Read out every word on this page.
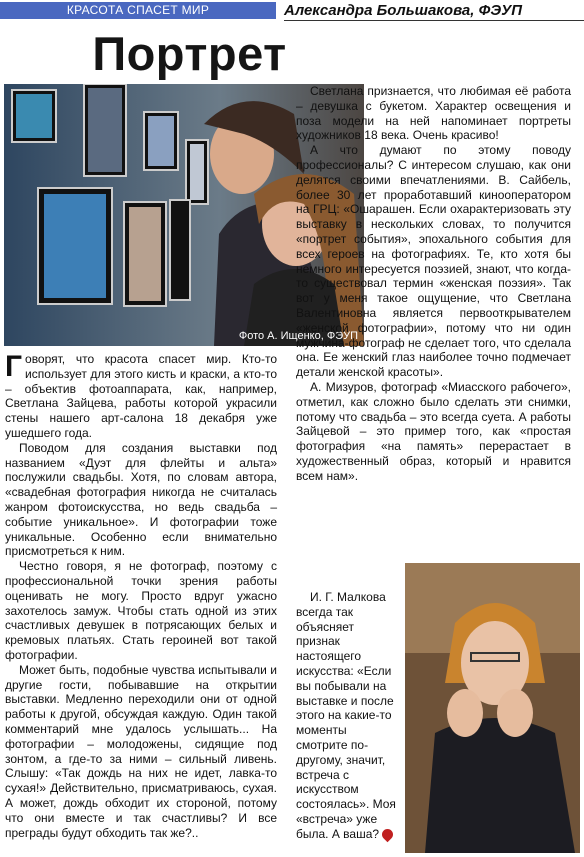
КРАСОТА СПАСЕТ МИР	Александра Большакова, ФЭУП
Портрет
Фото А. Ищенко, ФЭУП

Говорят, что красота спасет мир. Кто-то использует для этого кисть и краски, а кто-то – объектив фотоаппарата, как, например, Светлана Зайцева, работы которой украсили стены нашего арт-салона 18 декабря уже ушедшего года.

Поводом для создания выставки под названием «Дуэт для флейты и альта» послужили свадьбы. Хотя, по словам автора, «свадебная фотография никогда не считалась жанром фотоискусства, но ведь свадьба – событие уникальное». И фотографии тоже уникальные. Особенно если внимательно присмотреться к ним.

Честно говоря, я не фотограф, поэтому с профессиональной точки зрения работы оценивать не могу. Просто вдруг ужасно захотелось замуж. Чтобы стать одной из этих счастливых девушек в потрясающих белых и кремовых платьях. Стать героиней вот такой фотографии.

Может быть, подобные чувства испытывали и другие гости, побывавшие на открытии выставки. Медленно переходили они от одной работы к другой, обсуждая каждую. Один такой комментарий мне удалось услышать... На фотографии – молодожены, сидящие под зонтом, а где-то за ними – сильный ливень. Слышу: «Так дождь на них не идет, лавка-то сухая!» Действительно, присматриваюсь, сухая. А может, дождь обходит их стороной, потому что они вместе и так счастливы? И все преграды будут обходить так же?..

Светлана признается, что любимая её работа – девушка с букетом. Характер освещения и поза модели на ней напоминает портреты художников 18 века. Очень красиво!

А что думают по этому поводу профессионалы? С интересом слушаю, как они делятся своими впечатлениями. В. Сайбель, более 30 лет проработавший кинооператором на ГРЦ: «Ошарашен. Если охарактеризовать эту выставку в нескольких словах, то получится «портрет события», эпохального события для всех героев на фотографиях. Те, кто хотя бы немного интересуется поэзией, знают, что когда-то существовал термин «женская поэзия». Так вот у меня такое ощущение, что Светлана Валентиновна является первооткрывателем «женской фотографии», потому что ни один мужчина-фотограф не сделает того, что сделала она. Ее женский глаз наиболее точно подмечает детали женской красоты».

А. Мизуров, фотограф «Миасского рабочего», отметил, как сложно было сделать эти снимки, потому что свадьба – это всегда суета. А работы Зайцевой – это пример того, как «простая фотография «на память» перерастает в художественный образ, который и нравится всем нам».

И. Г. Малкова всегда так объясняет признак настоящего искусства: «Если вы побывали на выставке и после этого на какие-то моменты смотрите по-другому, значит, встреча с искусством состоялась». Моя «встреча» уже была. А ваша?
